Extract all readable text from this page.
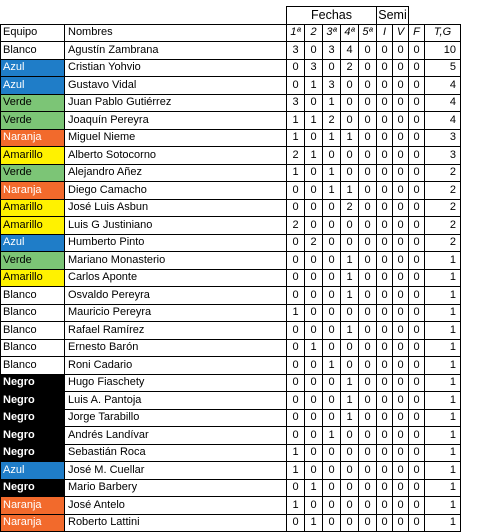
		Fechas					Semi			
Equipo	Nombres	1ª	2	3ª	4ª	5ª	I	V	F	T,G
Blanco	Agustín Zambrana	3	0	3	4	0	0	0	0	10
Azul	Cristian Yohvio	0	3	0	2	0	0	0	0	5
Azul	Gustavo Vidal	0	1	3	0	0	0	0	0	4
Verde	Juan Pablo Gutiérrez	3	0	1	0	0	0	0	0	4
Verde	Joaquín Pereyra	1	1	2	0	0	0	0	0	4
Naranja	Miguel Nieme	1	0	1	1	0	0	0	0	3
Amarillo	Alberto Sotocorno	2	1	0	0	0	0	0	0	3
Verde	Alejandro Añez	1	0	1	0	0	0	0	0	2
Naranja	Diego Camacho	0	0	1	1	0	0	0	0	2
Amarillo	José Luis Asbun	0	0	0	2	0	0	0	0	2
Amarillo	Luis G Justiniano	2	0	0	0	0	0	0	0	2
Azul	Humberto Pinto	0	2	0	0	0	0	0	0	2
Verde	Mariano Monasterio	0	0	0	1	0	0	0	0	1
Amarillo	Carlos Aponte	0	0	0	1	0	0	0	0	1
Blanco	Osvaldo Pereyra	0	0	0	1	0	0	0	0	1
Blanco	Mauricio Pereyra	1	0	0	0	0	0	0	0	1
Blanco	Rafael Ramírez	0	0	0	1	0	0	0	0	1
Blanco	Ernesto Barón	0	1	0	0	0	0	0	0	1
Blanco	Roni Cadario	0	0	1	0	0	0	0	0	1
Negro	Hugo Fiaschety	0	0	0	1	0	0	0	0	1
Negro	Luis A. Pantoja	0	0	0	1	0	0	0	0	1
Negro	Jorge Tarabillo	0	0	0	1	0	0	0	0	1
Negro	Andrés Landívar	0	0	1	0	0	0	0	0	1
Negro	Sebastián Roca	1	0	0	0	0	0	0	0	1
Azul	José M. Cuellar	1	0	0	0	0	0	0	0	1
Negro	Mario Barbery	0	1	0	0	0	0	0	0	1
Naranja	José Antelo	1	0	0	0	0	0	0	0	1
Naranja	Roberto Lattini	0	1	0	0	0	0	0	0	1
